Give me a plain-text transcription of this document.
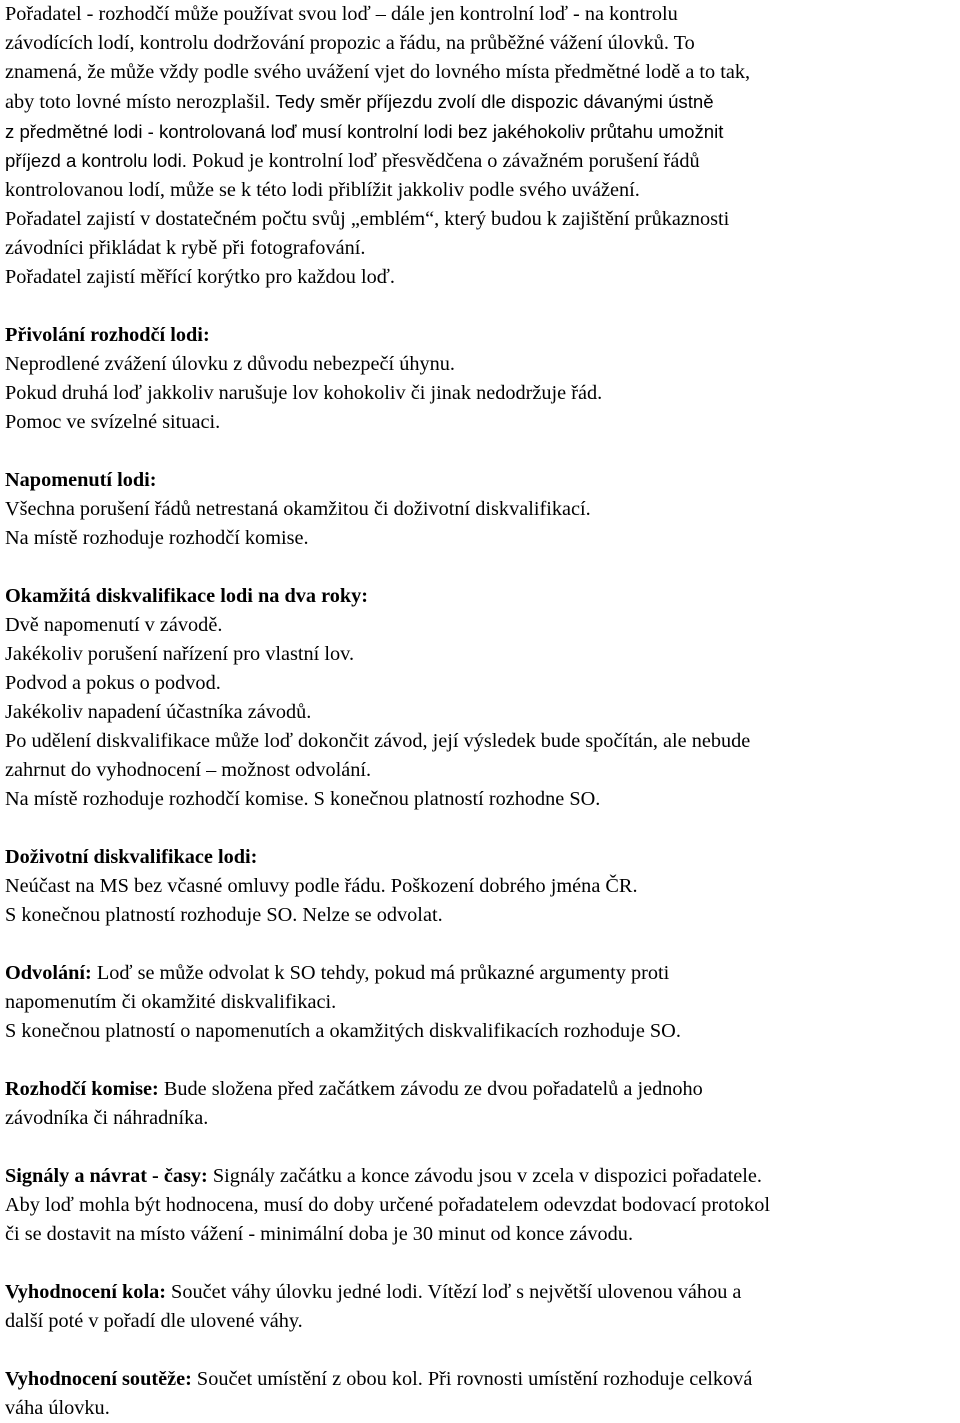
Pořadatel - rozhodčí může používat svou loď – dále jen kontrolní loď - na kontrolu

závodících lodí, kontrolu dodržování propozic a řádu, na průběžné vážení úlovků. To

znamená, že může vždy podle svého uvážení vjet do lovného místa předmětné lodě a to tak,

aby toto lovné místo nerozplašil. Tedy směr příjezdu zvolí dle dispozic dávanými ústně

z předmětné lodi - kontrolovaná loď musí kontrolní lodi bez jakéhokoliv průtahu umožnit

příjezd a kontrolu lodi. Pokud je kontrolní loď přesvědčena o závažném porušení řádů

kontrolovanou lodí, může se k této lodi přiblížit jakkoliv podle svého uvážení.

Pořadatel zajistí v dostatečném počtu svůj „emblém“, který budou k zajištění průkaznosti

závodníci přikládat k rybě při fotografování.

Pořadatel zajistí měřící korýtko pro každou loď.

Přivolání rozhodčí lodi:

Neprodlené zvážení úlovku z důvodu nebezpečí úhynu.

Pokud druhá loď jakkoliv narušuje lov kohokoliv či jinak nedodržuje řád.

Pomoc ve svízelné situaci.

Napomenutí lodi:

Všechna porušení řádů netrestaná okamžitou či doživotní diskvalifikací.

Na místě rozhoduje rozhodčí komise.

Okamžitá diskvalifikace lodi na dva roky:

Dvě napomenutí v závodě.

Jakékoliv porušení nařízení pro vlastní lov.

Podvod a pokus o podvod.

Jakékoliv napadení účastníka závodů.

Po udělení diskvalifikace může loď dokončit závod, její výsledek bude spočítán, ale nebude

zahrnut do vyhodnocení – možnost odvolání.

Na místě rozhoduje rozhodčí komise. S konečnou platností rozhodne SO.

Doživotní diskvalifikace lodi:

Neúčast na MS bez včasné omluvy podle řádu. Poškození dobrého jména ČR.

S konečnou platností rozhoduje SO. Nelze se odvolat.

Odvolání: Loď se může odvolat k SO tehdy, pokud má průkazné argumenty proti

napomenutím či okamžité diskvalifikaci.

S konečnou platností o napomenutích a okamžitých diskvalifikacích rozhoduje SO.

Rozhodčí komise: Bude složena před začátkem závodu ze dvou pořadatelů a jednoho

závodníka či náhradníka.

Signály a návrat - časy: Signály začátku a konce závodu jsou v zcela v dispozici pořadatele.

Aby loď mohla být hodnocena, musí do doby určené pořadatelem odevzdat bodovací protokol

či se dostavit na místo vážení - minimální doba je 30 minut od konce závodu.

Vyhodnocení kola: Součet váhy úlovku jedné lodi. Vítězí loď s největší ulovenou váhou a

další poté v pořadí dle ulovené váhy.

Vyhodnocení soutěže: Součet umístění z obou kol. Při rovnosti umístění rozhoduje celková

váha úlovku.
